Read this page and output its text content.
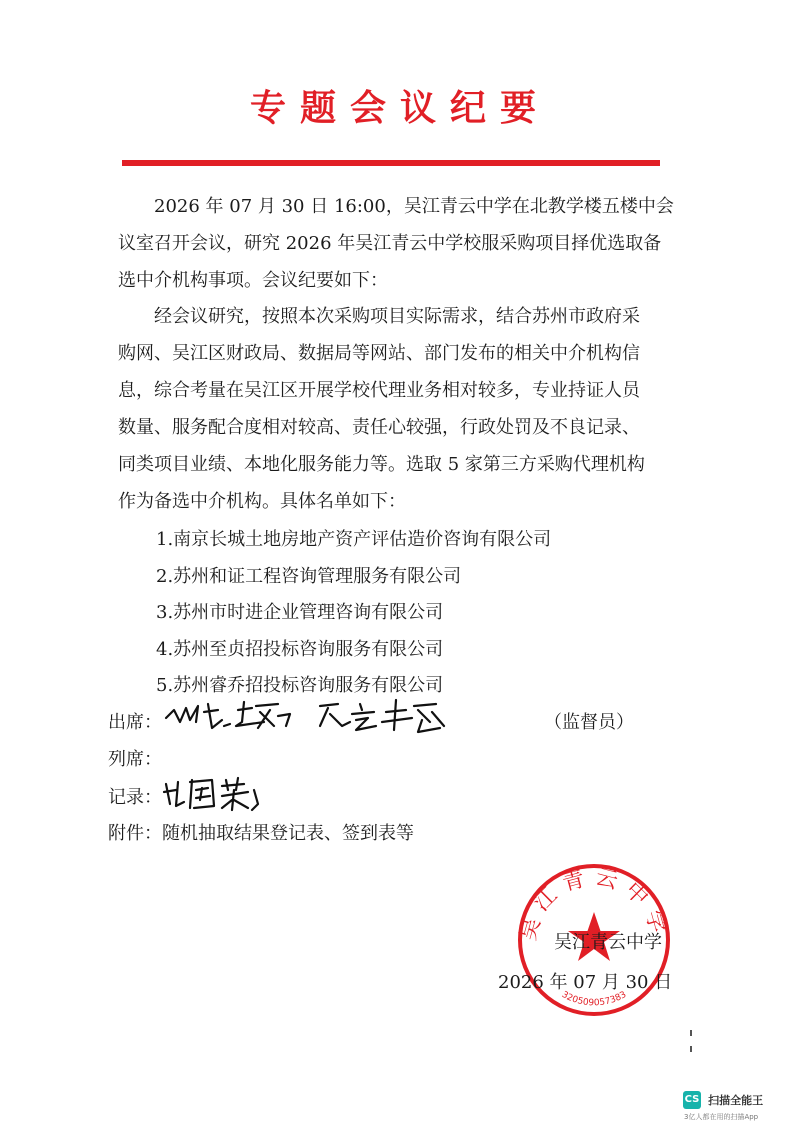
专题会议纪要
2026 年 07 月 30 日 16:00，吴江青云中学在北教学楼五楼中会
议室召开会议，研究 2026 年吴江青云中学校服采购项目择优选取备
选中介机构事项。会议纪要如下：
经会议研究，按照本次采购项目实际需求，结合苏州市政府采
购网、吴江区财政局、数据局等网站、部门发布的相关中介机构信
息，综合考量在吴江区开展学校代理业务相对较多，专业持证人员
数量、服务配合度相对较高、责任心较强，行政处罚及不良记录、
同类项目业绩、本地化服务能力等。选取 5 家第三方采购代理机构
作为备选中介机构。具体名单如下：
1.南京长城土地房地产资产评估造价咨询有限公司
2.苏州和证工程咨询管理服务有限公司
3.苏州市时进企业管理咨询有限公司
4.苏州至贞招投标咨询服务有限公司
5.苏州睿乔招投标咨询服务有限公司
出席：	（监督员）
列席：
记录：
附件：随机抽取结果登记表、签到表等
吴江青云中学
320509057383
吴江青云中学
2026 年 07 月 30 日
CS 扫描全能王
3亿人都在用的扫描App
